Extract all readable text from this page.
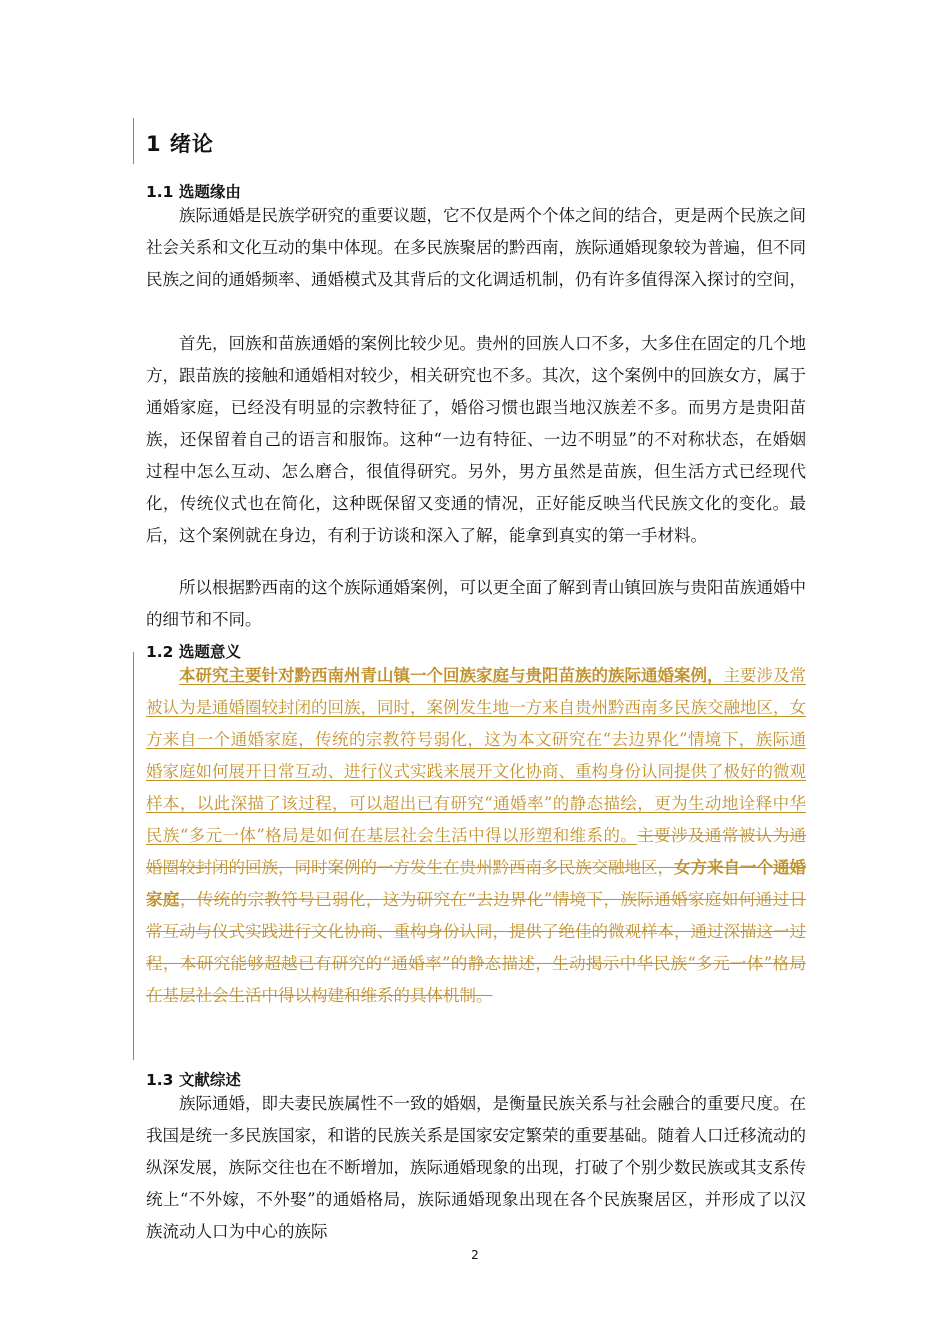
1 绪论
1.1 选题缘由

族际通婚是民族学研究的重要议题，它不仅是两个个体之间的结合，更是两个民族之间社会关系和文化互动的集中体现。在多民族聚居的黔西南，族际通婚现象较为普遍，但不同民族之间的通婚频率、通婚模式及其背后的文化调适机制，仍有许多值得深入探讨的空间，

首先，回族和苗族通婚的案例比较少见。贵州的回族人口不多，大多住在固定的几个地方，跟苗族的接触和通婚相对较少，相关研究也不多。其次，这个案例中的回族女方，属于通婚家庭，已经没有明显的宗教特征了，婚俗习惯也跟当地汉族差不多。而男方是贵阳苗族，还保留着自己的语言和服饰。这种“一边有特征、一边不明显”的不对称状态，在婚姻过程中怎么互动、怎么磨合，很值得研究。另外，男方虽然是苗族，但生活方式已经现代化，传统仪式也在简化，这种既保留又变通的情况，正好能反映当代民族文化的变化。最后，这个案例就在身边，有利于访谈和深入了解，能拿到真实的第一手材料。

所以根据黔西南的这个族际通婚案例，可以更全面了解到青山镇回族与贵阳苗族通婚中的细节和不同。

1.2 选题意义

本研究主要针对黔西南州青山镇一个回族家庭与贵阳苗族的族际通婚案例，主要涉及常被认为是通婚圈较封闭的回族，同时，案例发生地一方来自贵州黔西南多民族交融地区，女方来自一个通婚家庭，传统的宗教符号弱化，这为本文研究在“去边界化”情境下，族际通婚家庭如何展开日常互动、进行仪式实践来展开文化协商、重构身份认同提供了极好的微观样本，以此深描了该过程，可以超出已有研究“通婚率”的静态描绘，更为生动地诠释中华民族“多元一体”格局是如何在基层社会生活中得以形塑和维系的。主要涉及通常被认为通婚圈较封闭的回族，同时案例的一方发生在贵州黔西南多民族交融地区，女方来自一个通婚家庭，传统的宗教符号已弱化，这为研究在“去边界化”情境下，族际通婚家庭如何通过日常互动与仪式实践进行文化协商、重构身份认同，提供了绝佳的微观样本，通过深描这一过程，本研究能够超越已有研究的“通婚率”的静态描述，生动揭示中华民族“多元一体”格局在基层社会生活中得以构建和维系的具体机制。

1.3 文献综述

族际通婚，即夫妻民族属性不一致的婚姻，是衡量民族关系与社会融合的重要尺度。在我国是统一多民族国家，和谐的民族关系是国家安定繁荣的重要基础。随着人口迁移流动的纵深发展，族际交往也在不断增加，族际通婚现象的出现，打破了个别少数民族或其支系传统上“不外嫁，不外娶”的通婚格局，族际通婚现象出现在各个民族聚居区，并形成了以汉族流动人口为中心的族际

2
